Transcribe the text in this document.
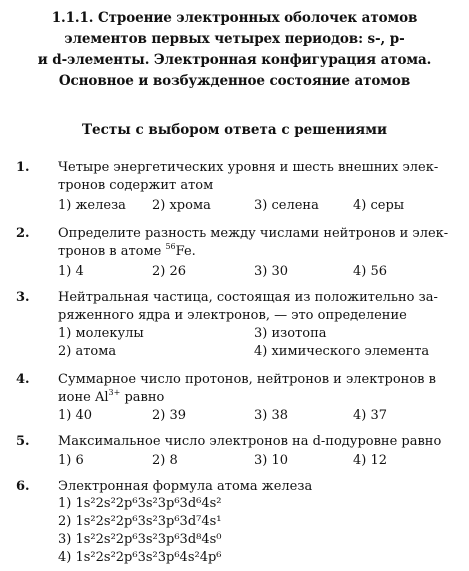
1.1.1. Строение электронных оболочек атомов
элементов первых четырех периодов: s-, p-
и d-элементы. Электронная конфигурация атома.
Основное и возбужденное состояние атомов
Тесты с выбором ответа с решениями
1. Четыре энергетических уровня и шесть внешних элек-
тронов содержит атом
1) железа 2) хрома	3) селена	4) серы
2. Определите разность между числами нейтронов и элек-
тронов в атоме $^{56}$Fe.
1) 4	2) 26	3) 30	4) 56
3. Нейтральная частица, состоящая из положительно за-
ряженного ядра и электронов, — это определение
1) молекулы	3) изотопа
2) атома	4) химического элемента
4. Суммарное число протонов, нейтронов и электронов в
ионе $Al^{3+}$ равно
1) 40	2) 39	3) 38	4) 37
5. Максимальное число электронов на d-подуровне равно
1) 6	2) 8	3) 10	4) 12
6. Электронная формула атома железа
1) 1s²2s²2p⁶3s²3p⁶3d⁶4s²
2) 1s²2s²2p⁶3s²3p⁶3d⁷4s¹
3) 1s²2s²2p⁶3s²3p⁶3d⁸4s⁰
4) 1s²2s²2p⁶3s²3p⁶4s²4p⁶
